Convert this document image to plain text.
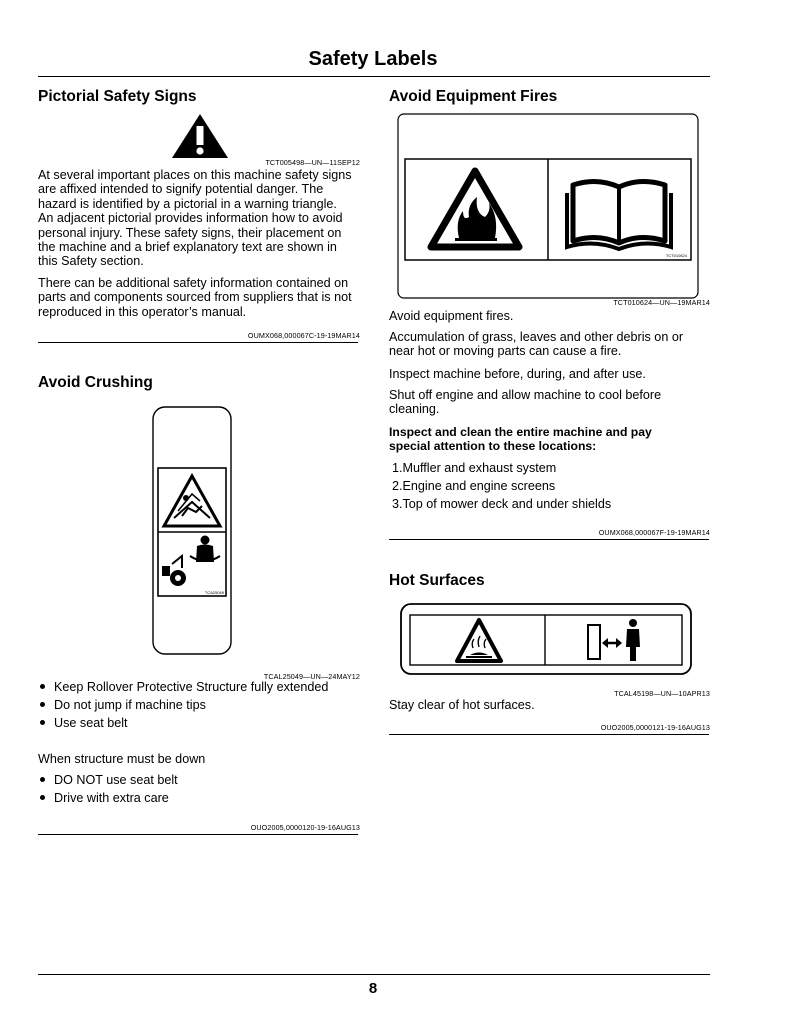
Safety Labels
Pictorial Safety Signs
TCT005498—UN—11SEP12
At several important places on this machine safety signs
are affixed intended to signify potential danger. The
hazard is identified by a pictorial in a warning triangle.
An adjacent pictorial provides information how to avoid
personal injury. These safety signs, their placement on
the machine and a brief explanatory text are shown in
this Safety section.
There can be additional safety information contained on
parts and components sourced from suppliers that is not
reproduced in this operator’s manual.
OUMX068,000067C-19-19MAR14
Avoid Crushing
TCA25049
TCAL25049—UN—24MAY12
Keep Rollover Protective Structure fully extended
Do not jump if machine tips
Use seat belt
When structure must be down
DO NOT use seat belt
Drive with extra care
OUO2005,0000120-19-16AUG13
Avoid Equipment Fires
TCT010624
TCT010624—UN—19MAR14
Avoid equipment fires.
Accumulation of grass, leaves and other debris on or
near hot or moving parts can cause a fire.
Inspect machine before, during, and after use.
Shut off engine and allow machine to cool before
cleaning.
Inspect and clean the entire machine and pay
special attention to these locations:
1.Muffler and exhaust system
2.Engine and engine screens
3.Top of mower deck and under shields
OUMX068,000067F-19-19MAR14
Hot Surfaces
TCAL45198—UN—10APR13
Stay clear of hot surfaces.
OUO2005,0000121-19-16AUG13
8
